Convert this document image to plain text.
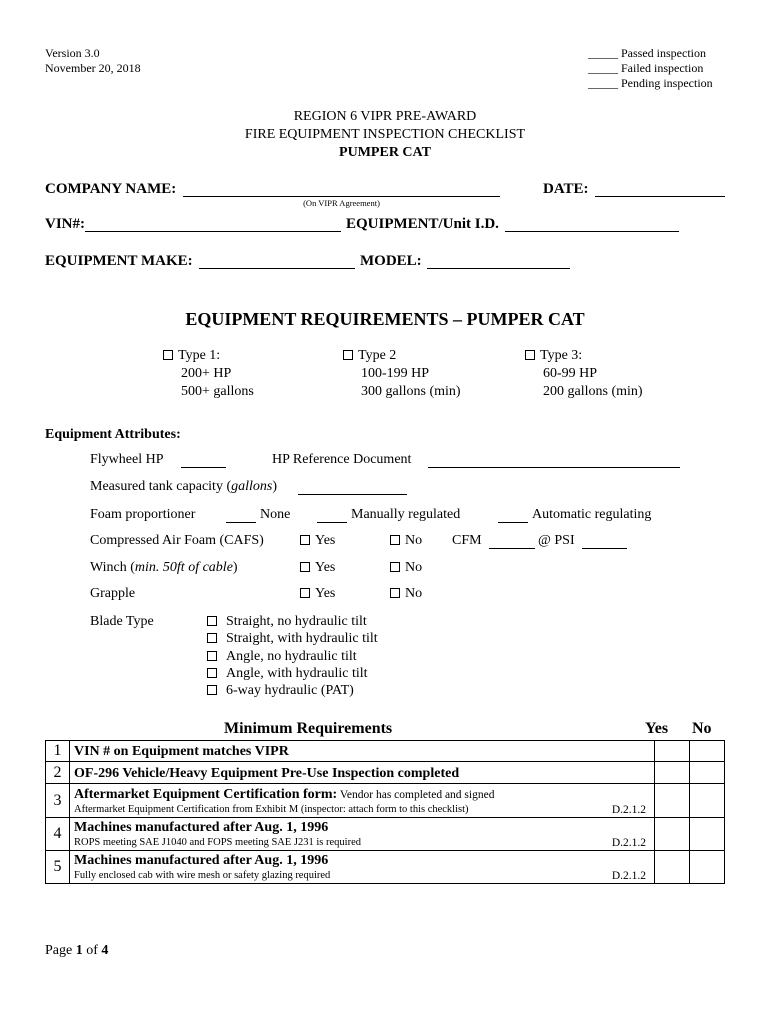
Version 3.0
November 20, 2018
_____ Passed inspection
_____ Failed inspection
_____ Pending inspection
REGION 6 VIPR PRE-AWARD
FIRE EQUIPMENT INSPECTION CHECKLIST
PUMPER CAT
COMPANY NAME:
(On VIPR Agreement)
DATE:
VIN#:	EQUIPMENT/Unit I.D.
EQUIPMENT MAKE:	MODEL:
EQUIPMENT REQUIREMENTS – PUMPER CAT
Type 1:
200+ HP
500+ gallons
Type 2
100-199 HP
300 gallons (min)
Type 3:
60-99 HP
200 gallons (min)
Equipment Attributes:
Flywheel HP	HP Reference Document
Measured tank capacity (gallons)
Foam proportioner	None	Manually regulated	Automatic regulating
Compressed Air Foam (CAFS)	Yes	No CFM	@ PSI
Winch (min. 50ft of cable)	Yes	No
Grapple	Yes	No
Blade Type	Straight, no hydraulic tilt
Straight, with hydraulic tilt
Angle, no hydraulic tilt
Angle, with hydraulic tilt
6-way hydraulic (PAT)
Minimum Requirements	Yes No
1	VIN # on Equipment matches VIPR		
2	OF-296 Vehicle/Heavy Equipment Pre-Use Inspection completed		
3	Aftermarket Equipment Certification form: Vendor has completed and signed
Aftermarket Equipment Certification from Exhibit M (inspector: attach form to this checklist) D.2.1.2		

4	Machines manufactured after Aug. 1, 1996
ROPS meeting SAE J1040 and FOPS meeting SAE J231 is required D.2.1.2		

5	Machines manufactured after Aug. 1, 1996
Fully enclosed cab with wire mesh or safety glazing required D.2.1.2		

Page 1 of 4
